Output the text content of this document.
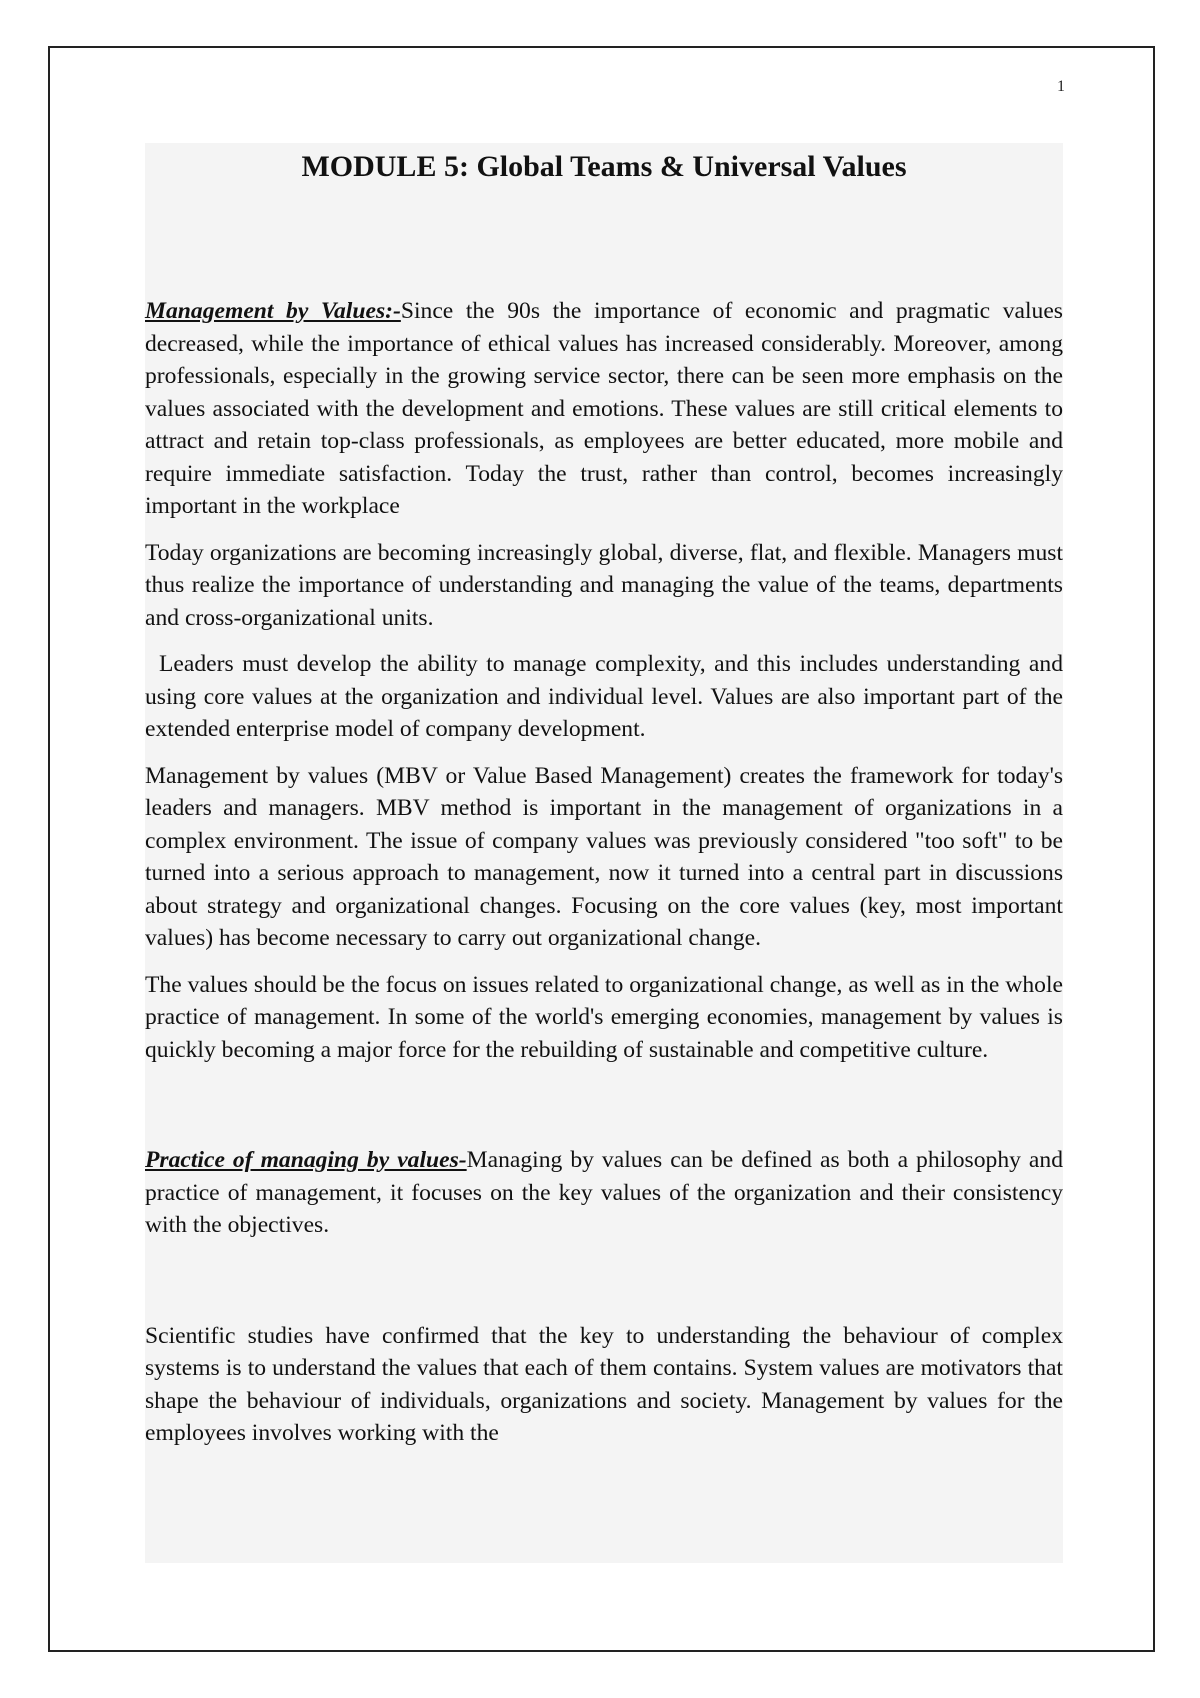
1
MODULE 5: Global Teams & Universal Values

Management by Values:-Since the 90s the importance of economic and pragmatic values decreased, while the importance of ethical values has increased considerably. Moreover, among professionals, especially in the growing service sector, there can be seen more emphasis on the values associated with the development and emotions. These values are still critical elements to attract and retain top-class professionals, as employees are better educated, more mobile and require immediate satisfaction. Today the trust, rather than control, becomes increasingly important in the workplace

Today organizations are becoming increasingly global, diverse, flat, and flexible. Managers must thus realize the importance of understanding and managing the value of the teams, departments and cross-organizational units.

Leaders must develop the ability to manage complexity, and this includes understanding and using core values at the organization and individual level. Values are also important part of the extended enterprise model of company development.

Management by values (MBV or Value Based Management) creates the framework for today's leaders and managers. MBV method is important in the management of organizations in a complex environment. The issue of company values was previously considered "too soft" to be turned into a serious approach to management, now it turned into a central part in discussions about strategy and organizational changes. Focusing on the core values (key, most important values) has become necessary to carry out organizational change.

The values should be the focus on issues related to organizational change, as well as in the whole practice of management. In some of the world's emerging economies, management by values is quickly becoming a major force for the rebuilding of sustainable and competitive culture.

Practice of managing by values-Managing by values can be defined as both a philosophy and practice of management, it focuses on the key values of the organization and their consistency with the objectives.

Scientific studies have confirmed that the key to understanding the behaviour of complex systems is to understand the values that each of them contains. System values are motivators that shape the behaviour of individuals, organizations and society. Management by values for the employees involves working with the
